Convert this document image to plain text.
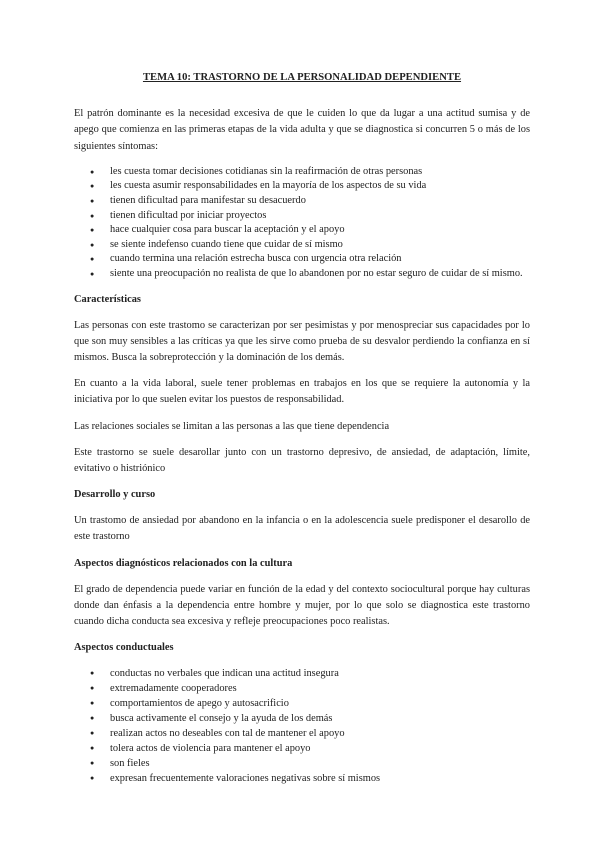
TEMA 10: TRASTORNO DE LA PERSONALIDAD DEPENDIENTE

El patrón dominante es la necesidad excesiva de que le cuiden lo que da lugar a una actitud sumisa y de apego que comienza en las primeras etapas de la vida adulta y que se diagnostica si concurren 5 o más de los siguientes síntomas:

● les cuesta tomar decisiones cotidianas sin la reafirmación de otras personas
● les cuesta asumir responsabilidades en la mayoría de los aspectos de su vida
● tienen dificultad para manifestar su desacuerdo
● tienen dificultad por iniciar proyectos
● hace cualquier cosa para buscar la aceptación y el apoyo
● se siente indefenso cuando tiene que cuidar de sí mismo
● cuando termina una relación estrecha busca con urgencia otra relación
● siente una preocupación no realista de que lo abandonen por no estar seguro de cuidar de sí mismo.
Características

Las personas con este trastomo se caracterizan por ser pesimistas y por menospreciar sus capacidades por lo que son muy sensibles a las críticas ya que les sirve como prueba de su desvalor perdiendo la confianza en sí mismos. Busca la sobreprotección y la dominación de los demás.

En cuanto a la vida laboral, suele tener problemas en trabajos en los que se requiere la autonomía y la iniciativa por lo que suelen evitar los puestos de responsabilidad.

Las relaciones sociales se limitan a las personas a las que tiene dependencia

Este trastorno se suele desarollar junto con un trastorno depresivo, de ansiedad, de adaptación, límite, evitativo o histriónico

Desarrollo y curso

Un trastomo de ansiedad por abandono en la infancia o en la adolescencia suele predisponer el desarollo de este trastorno

Aspectos diagnósticos relacionados con la cultura

El grado de dependencia puede variar en función de la edad y del contexto sociocultural porque hay culturas donde dan énfasis a la dependencia entre hombre y mujer, por lo que solo se diagnostica este trastorno cuando dicha conducta sea excesiva y refleje preocupaciones poco realistas.

Aspectos conductuales
● conductas no verbales que indican una actitud insegura
● extremadamente cooperadores
● comportamientos de apego y autosacrificio
● busca activamente el consejo y la ayuda de los demás
● realizan actos no deseables con tal de mantener el apoyo
● tolera actos de violencia para mantener el apoyo
● son fieles
● expresan frecuentemente valoraciones negativas sobre sí mismos
